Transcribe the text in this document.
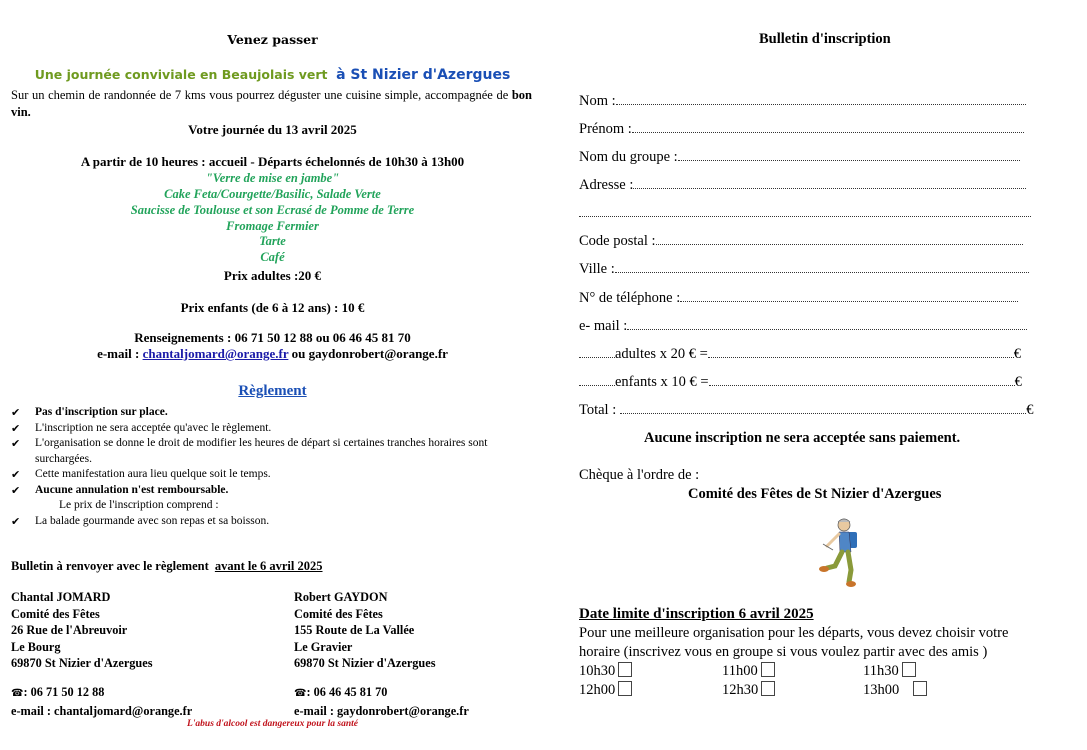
Venez passer
Une journée conviviale en Beaujolais vert à St Nizier d'Azergues
Sur un chemin de randonnée de 7 kms vous pourrez déguster une cuisine simple, accompagnée de bon vin.
Votre journée du 13 avril 2025
A partir de 10 heures : accueil - Départs échelonnés de 10h30 à 13h00
"Verre de mise en jambe"
Cake Feta/Courgette/Basilic, Salade Verte
Saucisse de Toulouse et son Ecrasé de Pomme de Terre
Fromage Fermier
Tarte
Café
Prix adultes :20 €
Prix enfants (de 6 à 12 ans) : 10 €
Renseignements : 06 71 50 12 88 ou 06 46 45 81 70
e-mail : chantaljomard@orange.fr ou gaydonrobert@orange.fr
Règlement
✔ Pas d'inscription sur place.
✔ L'inscription ne sera acceptée qu'avec le règlement.
✔ L'organisation se donne le droit de modifier les heures de départ si certaines tranches horaires sont surchargées.
✔ Cette manifestation aura lieu quelque soit le temps.
✔ Aucune annulation n'est remboursable.
Le prix de l'inscription comprend :
✔ La balade gourmande avec son repas et sa boisson.
Bulletin à renvoyer avec le règlement avant le 6 avril 2025
Chantal JOMARD
Comité des Fêtes
26 Rue de l'Abreuvoir
Le Bourg
69870 St Nizier d'Azergues
Robert GAYDON
Comité des Fêtes
155 Route de La Vallée
Le Gravier
69870 St Nizier d'Azergues
☎: 06 71 50 12 88	☎: 06 46 45 81 70
e-mail : chantaljomard@orange.fr	e-mail : gaydonrobert@orange.fr
L'abus d'alcool est dangereux pour la santé
Bulletin d'inscription
Nom :
Prénom :
Nom du groupe :
Adresse :
Code postal :
Ville :
N° de téléphone :
e- mail :
adultes x 20 € =	€
enfants x 10 € =	€
Total :	€
Aucune inscription ne sera acceptée sans paiement.
Chèque à l'ordre de :
Comité des Fêtes de St Nizier d'Azergues
Date limite d'inscription 6 avril 2025
Pour une meilleure organisation pour les départs, vous devez choisir votre
horaire (inscrivez vous en groupe si vous voulez partir avec des amis )
10h30	11h00	11h30
12h00	12h30	13h00
